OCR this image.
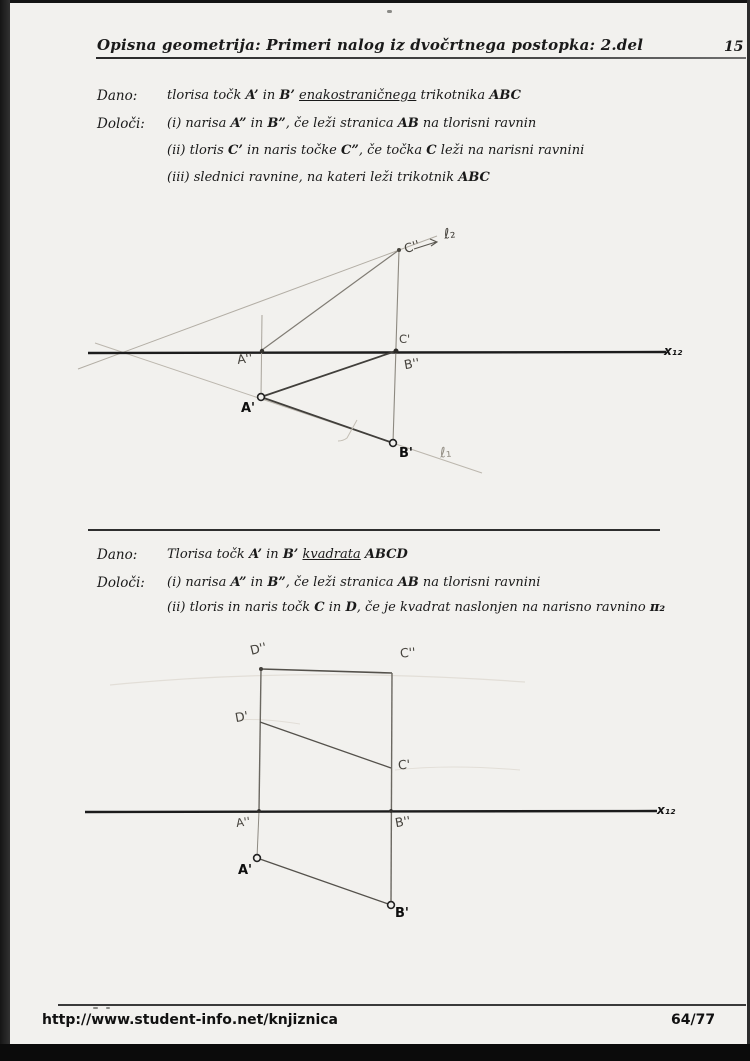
Opisna geometrija: Primeri nalog iz dvočrtnega postopka: 2.del	15
Dano: tlorisa točk A’ in B’ enakostraničnega trikotnika ABC
Določi: (i) narisa A” in B”, če leži stranica AB na tlorisni ravnin
(ii) tloris C’ in naris točke C”, če točka C leži na narisni ravnini
(iii) slednici ravnine, na kateri leži trikotnik ABC
A''
C'
B''
A'
B'
C''
ℓ₂
ℓ₁
x₁₂
Dano: Tlorisa točk A’ in B’ kvadrata ABCD
Določi: (i) narisa A” in B”, če leži stranica AB na tlorisni ravnini
(ii) tloris in naris točk C in D, če je kvadrat naslonjen na narisno ravnino π₂
D''	C''
D'
C'
A''	B''
A'
B'
x₁₂
http://www.student-info.net/knjiznica	64/77
